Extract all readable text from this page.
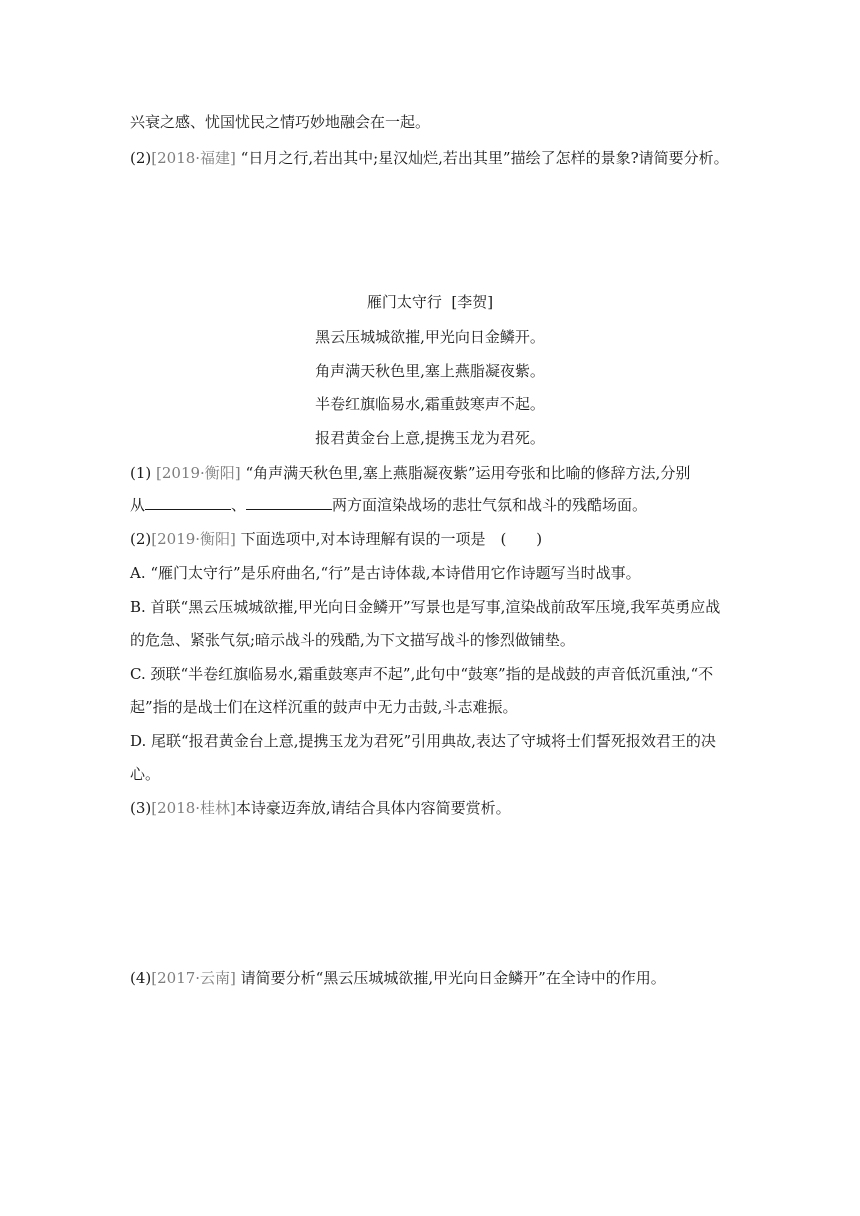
兴衰之感、忧国忧民之情巧妙地融会在一起。
(2)[2018·福建] “日月之行,若出其中;星汉灿烂,若出其里”描绘了怎样的景象?请简要分析。
雁门太守行 [李贺]
黑云压城城欲摧,甲光向日金鳞开。
角声满天秋色里,塞上燕脂凝夜紫。
半卷红旗临易水,霜重鼓寒声不起。
报君黄金台上意,提携玉龙为君死。
(1) [2019·衡阳] “角声满天秋色里,塞上燕脂凝夜紫”运用夸张和比喻的修辞方法,分别
从	、	两方面渲染战场的悲壮气氛和战斗的残酷场面。
(2)[2019·衡阳] 下面选项中,对本诗理解有误的一项是　(　　)
A. “雁门太守行”是乐府曲名,“行”是古诗体裁,本诗借用它作诗题写当时战事。
B. 首联“黑云压城城欲摧,甲光向日金鳞开”写景也是写事,渲染战前敌军压境,我军英勇应战
的危急、紧张气氛;暗示战斗的残酷,为下文描写战斗的惨烈做铺垫。
C. 颈联“半卷红旗临易水,霜重鼓寒声不起”,此句中“鼓寒”指的是战鼓的声音低沉重浊,“不
起”指的是战士们在这样沉重的鼓声中无力击鼓,斗志难振。
D. 尾联“报君黄金台上意,提携玉龙为君死”引用典故,表达了守城将士们誓死报效君王的决
心。
(3)[2018·桂林]本诗豪迈奔放,请结合具体内容简要赏析。
(4)[2017·云南] 请简要分析“黑云压城城欲摧,甲光向日金鳞开”在全诗中的作用。
